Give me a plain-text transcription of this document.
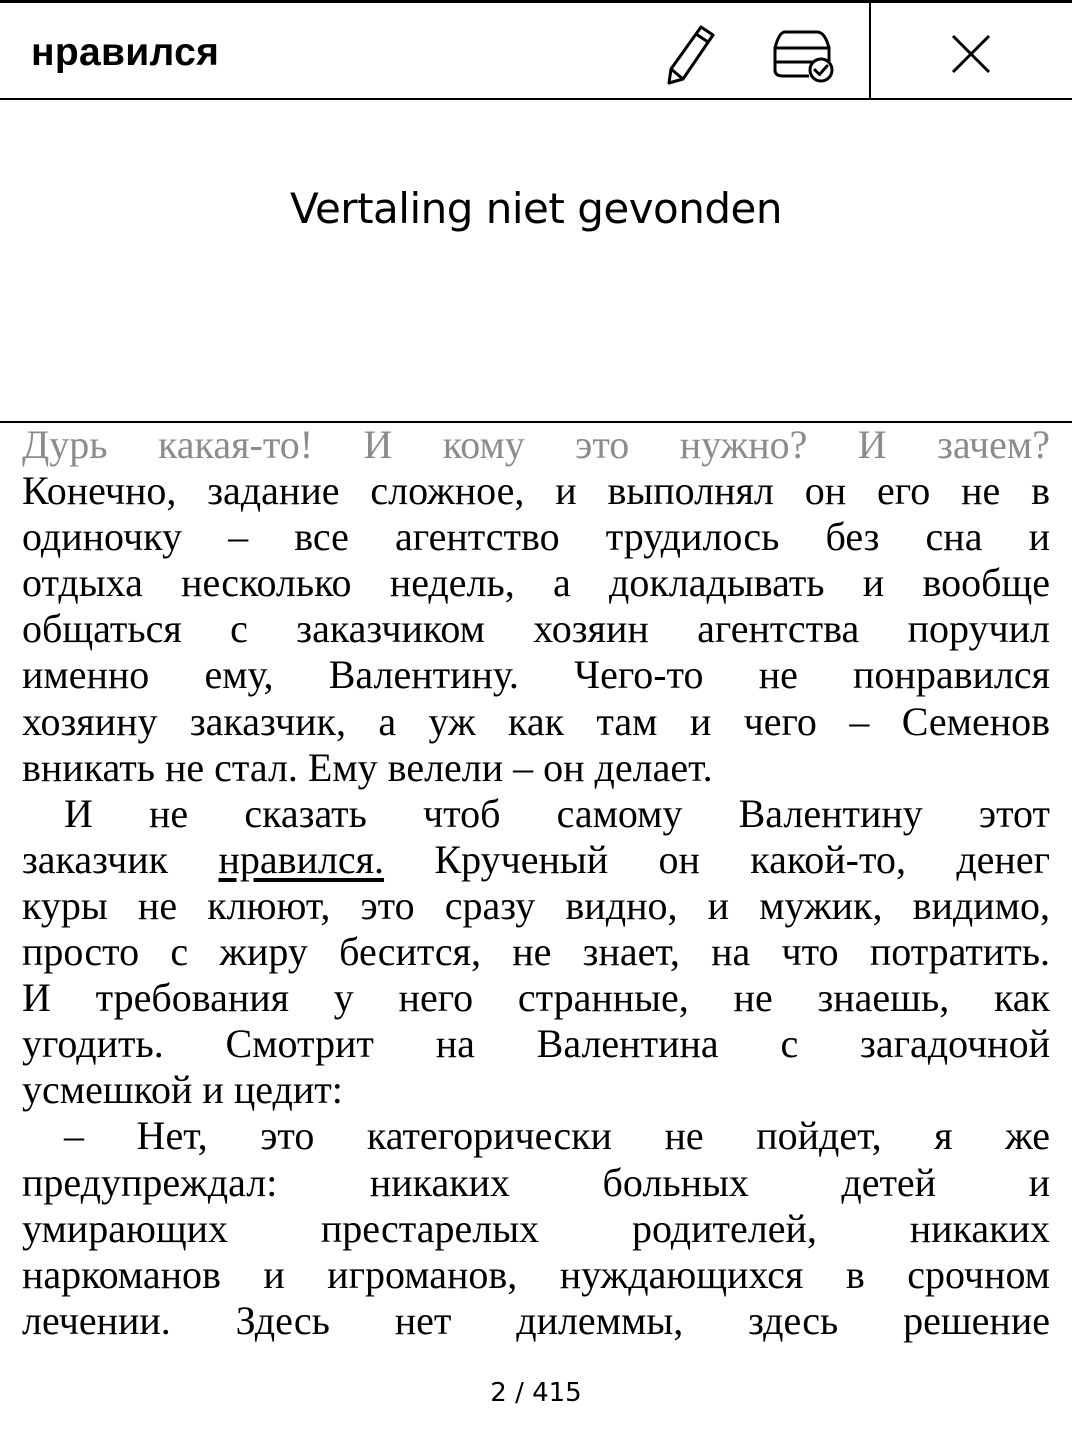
нравился
Vertaling niet gevonden
Дурь какая-то! И кому это нужно? И зачем?
Конечно, задание сложное, и выполнял он его не в
одиночку – все агентство трудилось без сна и
отдыха несколько недель, а докладывать и вообще
общаться с заказчиком хозяин агентства поручил
именно ему, Валентину. Чего-то не понравился
хозяину заказчик, а уж как там и чего – Семенов
вникать не стал. Ему велели – он делает.
И не сказать чтоб самому Валентину этот
заказчик нравился. Крученый он какой-то, денег
куры не клюют, это сразу видно, и мужик, видимо,
просто с жиру бесится, не знает, на что потратить.
И требования у него странные, не знаешь, как
угодить. Смотрит на Валентина с загадочной
усмешкой и цедит:
– Нет, это категорически не пойдет, я же
предупреждал: никаких больных детей и
умирающих престарелых родителей, никаких
наркоманов и игроманов, нуждающихся в срочном
лечении. Здесь нет дилеммы, здесь решение
2 / 415
